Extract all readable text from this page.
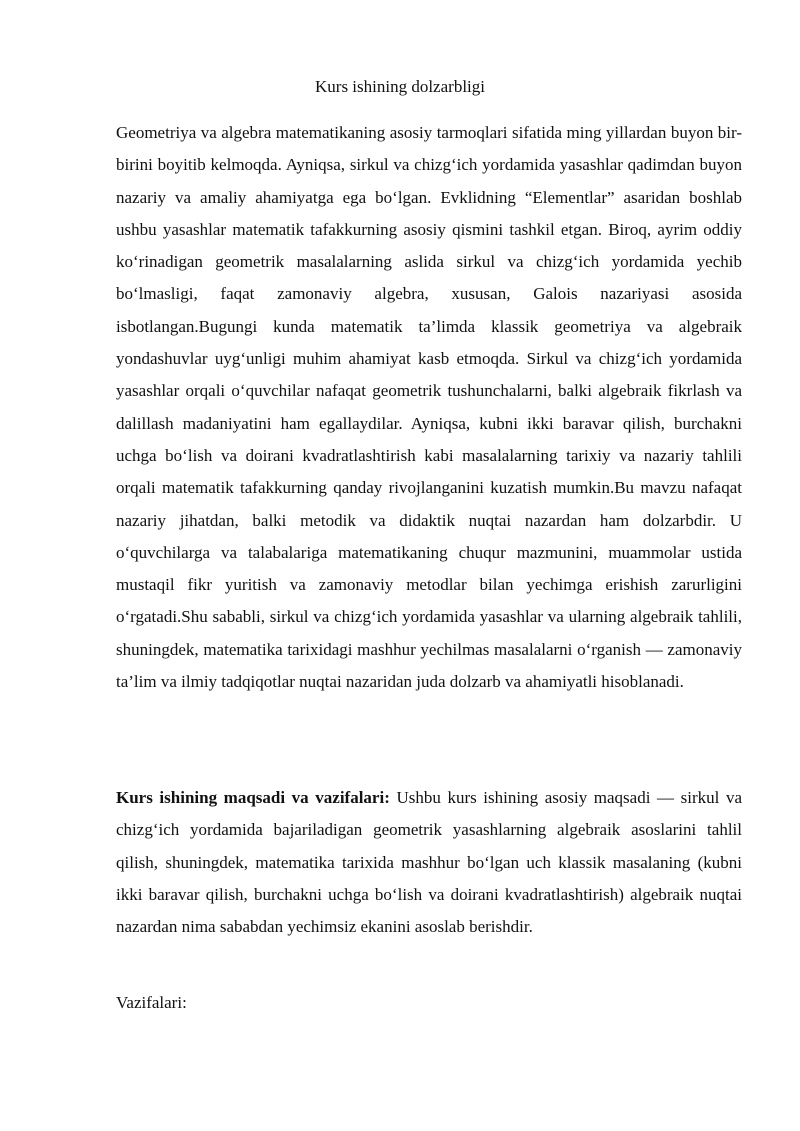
Kurs ishining dolzarbligi

Geometriya va algebra matematikaning asosiy tarmoqlari sifatida ming yillardan buyon bir-birini boyitib kelmoqda. Ayniqsa, sirkul va chizg‘ich yordamida yasashlar qadimdan buyon nazariy va amaliy ahamiyatga ega bo‘lgan. Evklidning “Elementlar” asaridan boshlab ushbu yasashlar matematik tafakkurning asosiy qismini tashkil etgan. Biroq, ayrim oddiy ko‘rinadigan geometrik masalalarning aslida sirkul va chizg‘ich yordamida yechib bo‘lmasligi, faqat zamonaviy algebra, xususan, Galois nazariyasi asosida isbotlangan.Bugungi kunda matematik ta’limda klassik geometriya va algebraik yondashuvlar uyg‘unligi muhim ahamiyat kasb etmoqda. Sirkul va chizg‘ich yordamida yasashlar orqali o‘quvchilar nafaqat geometrik tushunchalarni, balki algebraik fikrlash va dalillash madaniyatini ham egallaydilar. Ayniqsa, kubni ikki baravar qilish, burchakni uchga bo‘lish va doirani kvadratlashtirish kabi masalalarning tarixiy va nazariy tahlili orqali matematik tafakkurning qanday rivojlanganini kuzatish mumkin.Bu mavzu nafaqat nazariy jihatdan, balki metodik va didaktik nuqtai nazardan ham dolzarbdir. U o‘quvchilarga va talabalariga matematikaning chuqur mazmunini, muammolar ustida mustaqil fikr yuritish va zamonaviy metodlar bilan yechimga erishish zarurligini o‘rgatadi.Shu sababli, sirkul va chizg‘ich yordamida yasashlar va ularning algebraik tahlili, shuningdek, matematika tarixidagi mashhur yechilmas masalalarni o‘rganish — zamonaviy ta’lim va ilmiy tadqiqotlar nuqtai nazaridan juda dolzarb va ahamiyatli hisoblanadi.

Kurs ishining maqsadi va vazifalari: Ushbu kurs ishining asosiy maqsadi — sirkul va chizg‘ich yordamida bajariladigan geometrik yasashlarning algebraik asoslarini tahlil qilish, shuningdek, matematika tarixida mashhur bo‘lgan uch klassik masalaning (kubni ikki baravar qilish, burchakni uchga bo‘lish va doirani kvadratlashtirish) algebraik nuqtai nazardan nima sababdan yechimsiz ekanini asoslab berishdir.

Vazifalari:
